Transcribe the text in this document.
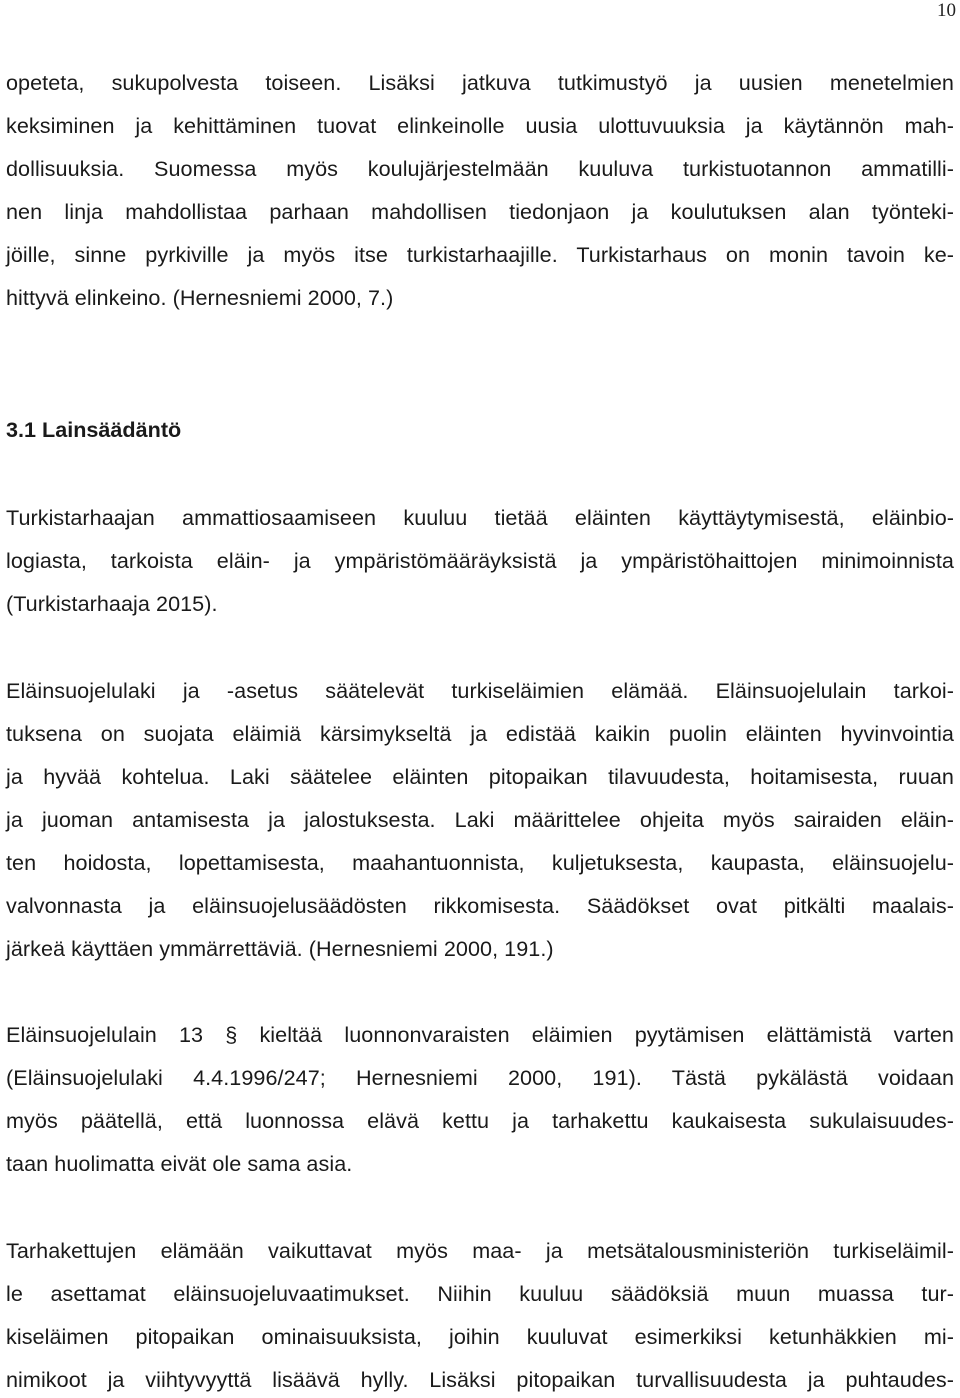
10
opeteta, sukupolvesta toiseen. Lisäksi jatkuva tutkimustyö ja uusien menetelmien
keksiminen ja kehittäminen tuovat elinkeinolle uusia ulottuvuuksia ja käytännön mah-
dollisuuksia. Suomessa myös koulujärjestelmään kuuluva turkistuotannon ammatilli-
nen linja mahdollistaa parhaan mahdollisen tiedonjaon ja koulutuksen alan työnteki-
jöille, sinne pyrkiville ja myös itse turkistarhaajille. Turkistarhaus on monin tavoin ke-
hittyvä elinkeino. (Hernesniemi 2000, 7.)
3.1 Lainsäädäntö
Turkistarhaajan ammattiosaamiseen kuuluu tietää eläinten käyttäytymisestä, eläinbio-
logiasta, tarkoista eläin- ja ympäristömääräyksistä ja ympäristöhaittojen minimoinnista
(Turkistarhaaja 2015).
Eläinsuojelulaki ja -asetus säätelevät turkiseläimien elämää. Eläinsuojelulain tarkoi-
tuksena on suojata eläimiä kärsimykseltä ja edistää kaikin puolin eläinten hyvinvointia
ja hyvää kohtelua. Laki säätelee eläinten pitopaikan tilavuudesta, hoitamisesta, ruuan
ja juoman antamisesta ja jalostuksesta. Laki määrittelee ohjeita myös sairaiden eläin-
ten hoidosta, lopettamisesta, maahantuonnista, kuljetuksesta, kaupasta, eläinsuojelu-
valvonnasta ja eläinsuojelusäädösten rikkomisesta. Säädökset ovat pitkälti maalais-
järkeä käyttäen ymmärrettäviä. (Hernesniemi 2000, 191.)
Eläinsuojelulain 13 § kieltää luonnonvaraisten eläimien pyytämisen elättämistä varten
(Eläinsuojelulaki 4.4.1996/247; Hernesniemi 2000, 191). Tästä pykälästä voidaan
myös päätellä, että luonnossa elävä kettu ja tarhakettu kaukaisesta sukulaisuudes-
taan huolimatta eivät ole sama asia.
Tarhakettujen elämään vaikuttavat myös maa- ja metsätalousministeriön turkiseläimil-
le asettamat eläinsuojeluvaatimukset. Niihin kuuluu säädöksiä muun muassa tur-
kiseläimen pitopaikan ominaisuuksista, joihin kuuluvat esimerkiksi ketunhäkkien mi-
nimikoot ja viihtyvyyttä lisäävä hylly. Lisäksi pitopaikan turvallisuudesta ja puhtaudes-
